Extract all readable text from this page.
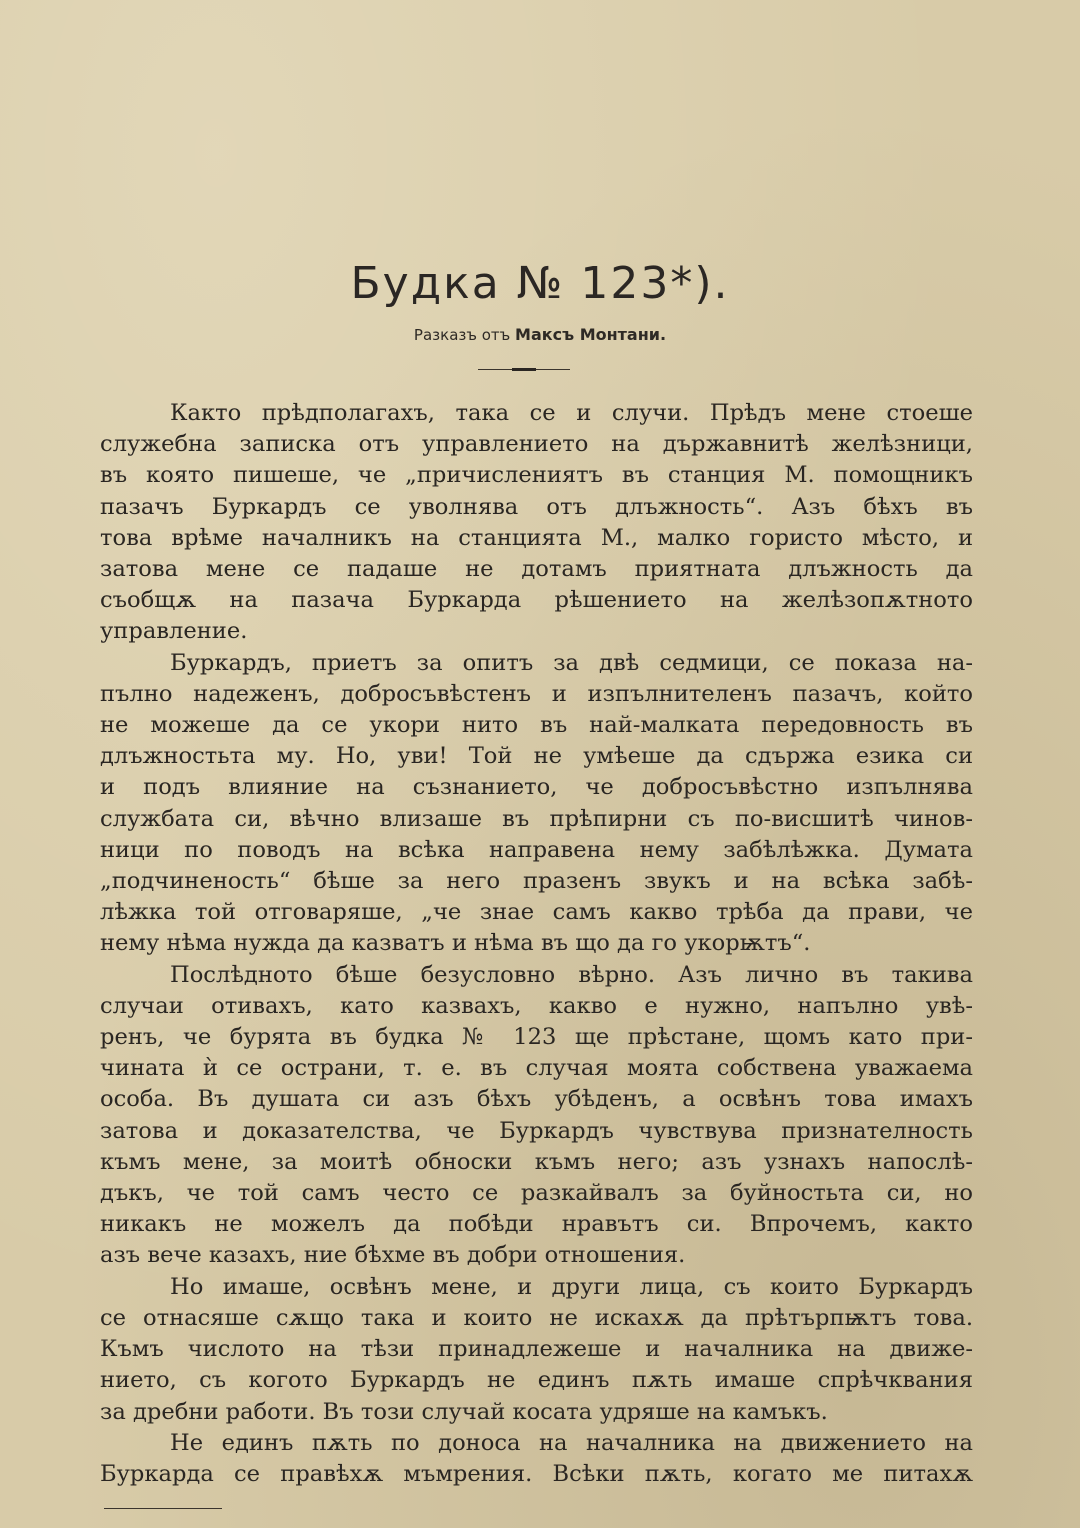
Будка № 123*).
Разказъ отъ Максъ Монтани.
Както прѣдполагахъ, така се и случи. Прѣдъ мене стоеше
служебна записка отъ управлението на държавнитѣ желѣзници,
въ която пишеше, че „причислениятъ въ станция М. помощникъ
пазачъ Буркардъ се уволнява отъ длъжность“. Азъ бѣхъ въ
това врѣме началникъ на станцията М., малко гористо мѣсто, и
затова мене се падаше не дотамъ приятната длъжность да
съобщѫ на пазача Буркарда рѣшението на желѣзопѫтното
управление.
Буркардъ, приетъ за опитъ за двѣ седмици, се показа на-
пълно надеженъ, добросъвѣстенъ и изпълнителенъ пазачъ, който
не можеше да се укори нито въ най-малката передовность въ
длъжностьта му. Но, уви! Той не умѣеше да сдържа езика си
и подъ влияние на съзнанието, че добросъвѣстно изпълнява
службата си, вѣчно влизаше въ прѣпирни съ по-висшитѣ чинов-
ници по поводъ на всѣка направена нему забѣлѣжка. Думата
„подчиненость“ бѣше за него празенъ звукъ и на всѣка забѣ-
лѣжка той отговаряше, „че знае самъ какво трѣба да прави, че
нему нѣма нужда да казватъ и нѣма въ що да го укорѭтъ“.
Послѣдното бѣше безусловно вѣрно. Азъ лично въ такива
случаи отивахъ, като казвахъ, какво е нужно, напълно увѣ-
ренъ, че бурята въ будка № 123 ще прѣстане, щомъ като при-
чината ѝ се острани, т. е. въ случая моята собствена уважаема
особа. Въ душата си азъ бѣхъ убѣденъ, а освѣнъ това имахъ
затова и доказателства, че Буркардъ чувствува признателность
къмъ мене, за моитѣ обноски къмъ него; азъ узнахъ напослѣ-
дъкъ, че той самъ често се разкайвалъ за буйностьта си, но
никакъ не можелъ да побѣди нравътъ си. Впрочемъ, както
азъ вече казахъ, ние бѣхме въ добри отношения.
Но имаше, освѣнъ мене, и други лица, съ които Буркардъ
се отнасяше сѫщо така и които не искахѫ да прѣтърпѭтъ това.
Къмъ числото на тѣзи принадлежеше и началника на движе-
нието, съ когото Буркардъ не единъ пѫть имаше спрѣчквания
за дребни работи. Въ този случай косата удряше на камъкъ.
Не единъ пѫть по доноса на началника на движението на
Буркарда се правѣхѫ мъмрения. Всѣки пѫть, когато ме питахѫ
